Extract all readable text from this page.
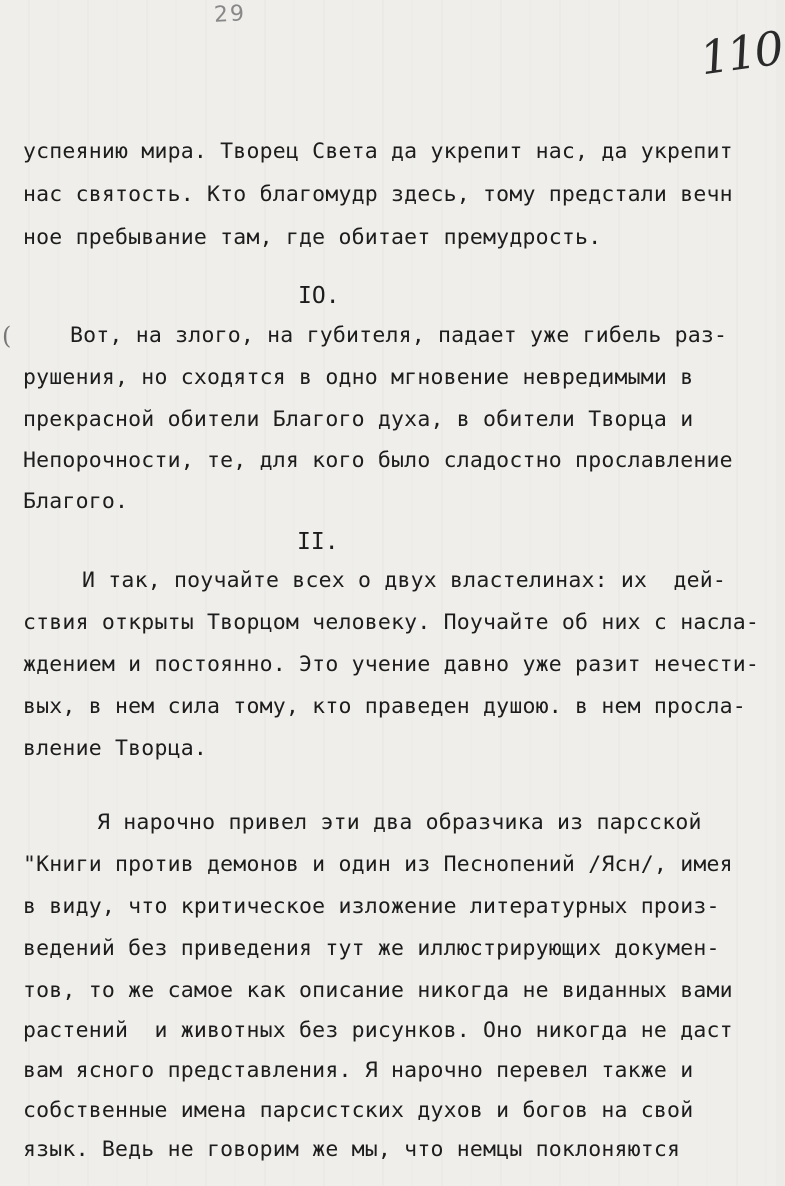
29
110
(
успеянию мира. Творец Света да укрепит нас, да укрепит
нас святость. Кто благомудр здесь, тому предстали вечн
ное пребывание там, где обитает премудрость.
IO.
Вот, на злого, на губителя, падает уже гибель раз-
рушения, но сходятся в одно мгновение невредимыми в
прекрасной обители Благого духа, в обители Творца и
Непорочности, те, для кого было сладостно прославление
Благого.
II.
И так, поучайте всех о двух властелинах: их  дей-
ствия открыты Творцом человеку. Поучайте об них с насла-
ждением и постоянно. Это учение давно уже разит нечести-
вых, в нем сила тому, кто праведен душою. в нем просла-
вление Творца.
Я нарочно привел эти два образчика из парсской
"Книги против демонов и один из Песнопений /Ясн/, имея
в виду, что критическое изложение литературных произ-
ведений без приведения тут же иллюстрирующих докумен-
тов, то же самое как описание никогда не виданных вами
растений  и животных без рисунков. Оно никогда не даст
вам ясного представления. Я нарочно перевел также и
собственные имена парсистских духов и богов на свой
язык. Ведь не говорим же мы, что немцы поклоняются
